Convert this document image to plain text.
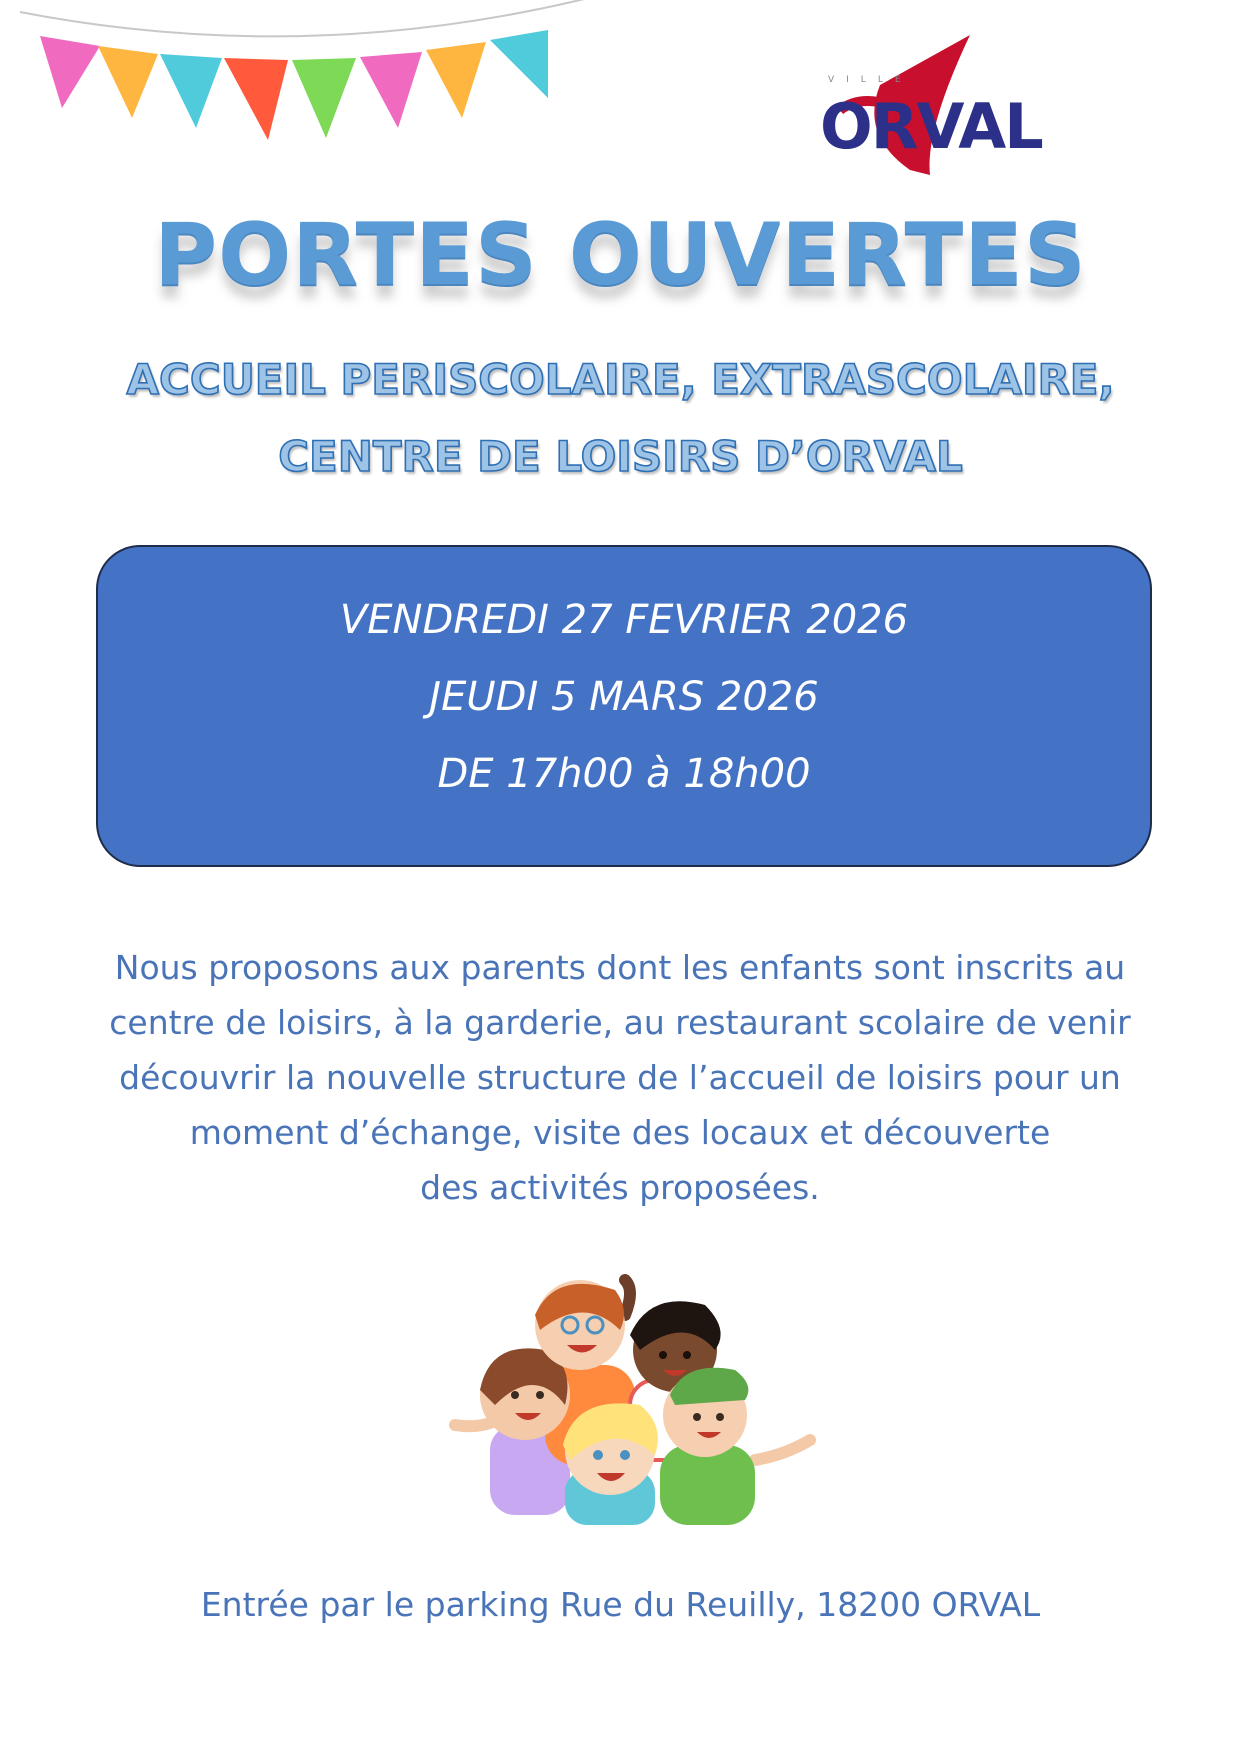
VILLE
ORVAL
PORTES OUVERTES
ACCUEIL PERISCOLAIRE, EXTRASCOLAIRE,
CENTRE DE LOISIRS D’ORVAL
VENDREDI 27 FEVRIER 2026
JEUDI 5 MARS 2026
DE 17h00 à 18h00
Nous proposons aux parents dont les enfants sont inscrits au
centre de loisirs, à la garderie, au restaurant scolaire de venir
découvrir la nouvelle structure de l’accueil de loisirs pour un
moment d’échange, visite des locaux et découverte
des activités proposées.
Entrée par le parking Rue du Reuilly, 18200 ORVAL
